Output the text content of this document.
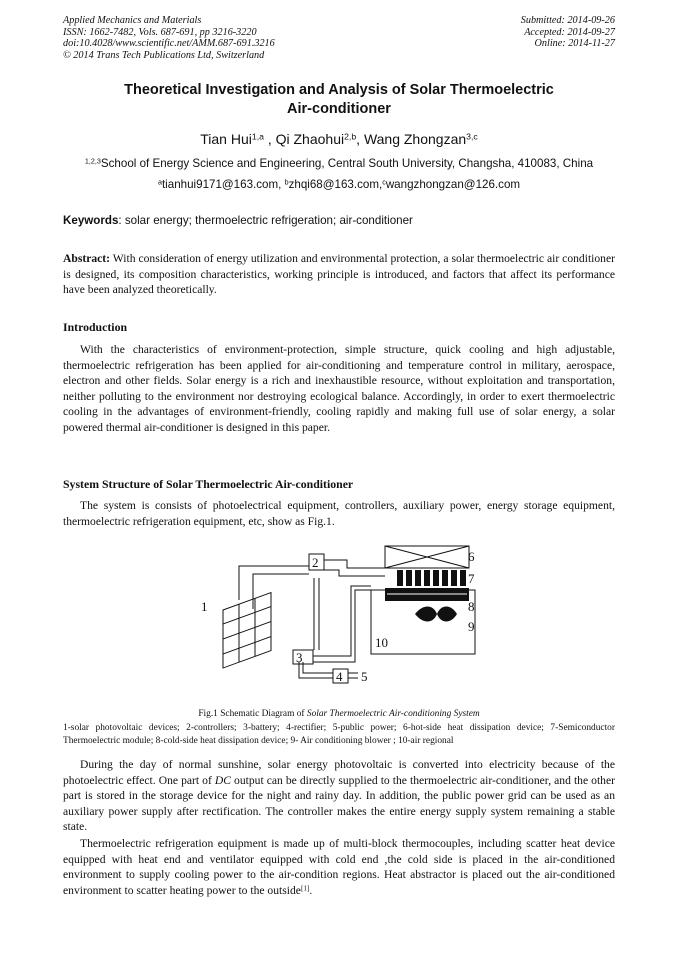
Applied Mechanics and Materials
ISSN: 1662-7482, Vols. 687-691, pp 3216-3220
doi:10.4028/www.scientific.net/AMM.687-691.3216
© 2014 Trans Tech Publications Ltd, Switzerland
Submitted: 2014-09-26
Accepted: 2014-09-27
Online: 2014-11-27
Theoretical Investigation and Analysis of Solar Thermoelectric
Air-conditioner
Tian Hui$^{1,a}$ , Qi Zhaohui$^{2,b}$, Wang Zhongzan$^{3,c}$
$^{1,2,3}$School of Energy Science and Engineering, Central South University, Changsha, 410083, China
$^a$tianhui9171@163.com, $^b$zhqi68@163.com,$^c$wangzhongzan@126.com
Keywords: solar energy; thermoelectric refrigeration; air-conditioner
Abstract: With consideration of energy utilization and environmental protection, a solar thermoelectric air conditioner is designed, its composition characteristics, working principle is introduced, and factors that affect its performance have been analyzed theoretically.
Introduction
With the characteristics of environment-protection, simple structure, quick cooling and high adjustable, thermoelectric refrigeration has been applied for air-conditioning and temperature control in military, aerospace, electron and other fields. Solar energy is a rich and inexhaustible resource, without exploitation and transportation, neither polluting to the environment nor destroying ecological balance. Accordingly, in order to exert thermoelectric cooling in the advantages of environment-friendly, cooling rapidly and making full use of solar energy, a solar powered thermal air-conditioner is designed in this paper.
System Structure of Solar Thermoelectric Air-conditioner
The system is consists of photoelectrical equipment, controllers, auxiliary power, energy storage equipment, thermoelectric refrigeration equipment, etc, show as Fig.1.
1
2
3
4 5
6
7
8
9
10
Fig.1 Schematic Diagram of Solar Thermoelectric Air-conditioning System
1-solar photovoltaic devices; 2-controllers; 3-battery; 4-rectifier; 5-public power; 6-hot-side heat dissipation device; 7-Semiconductor Thermoelectric module; 8-cold-side heat dissipation device; 9- Air conditioning blower ; 10-air regional
During the day of normal sunshine, solar energy photovoltaic is converted into electricity because of the photoelectric effect. One part of DC output can be directly supplied to the thermoelectric air-conditioner, and the other part is stored in the storage device for the night and rainy day. In addition, the public power grid can be used as an auxiliary power supply after rectification. The controller makes the entire energy supply system remaining a stable state.
Thermoelectric refrigeration equipment is made up of multi-block thermocouples, including scatter heat device equipped with heat end and ventilator equipped with cold end ,the cold side is placed in the air-conditioned environment to supply cooling power to the air-condition regions. Heat abstractor is placed out the air-conditioned environment to scatter heating power to the outside[1].
